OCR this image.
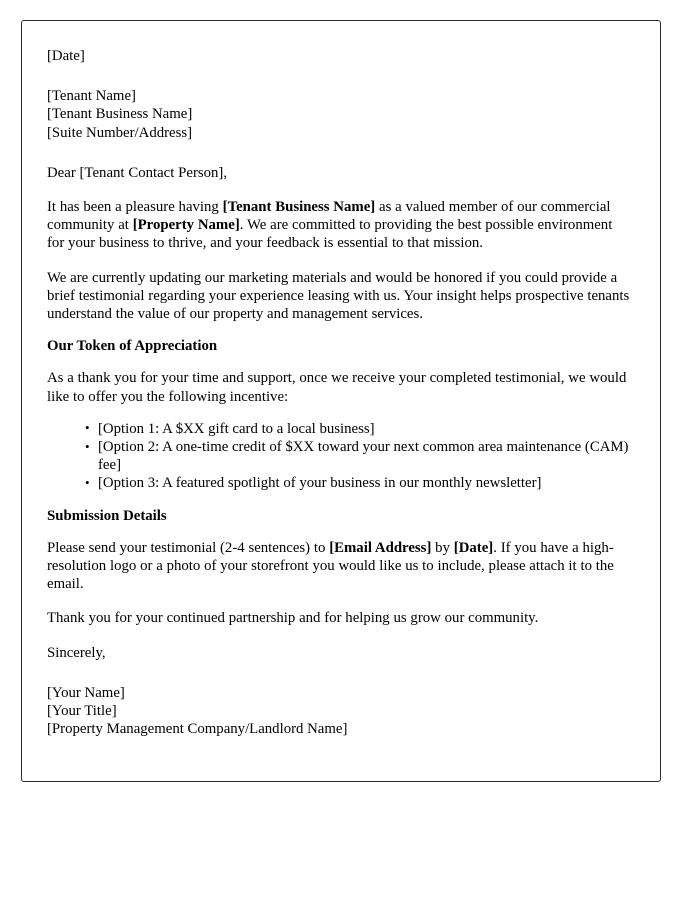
[Date]

[Tenant Name]
[Tenant Business Name]
[Suite Number/Address]

Dear [Tenant Contact Person],

It has been a pleasure having [Tenant Business Name] as a valued member of our commercial community at [Property Name]. We are committed to providing the best possible environment for your business to thrive, and your feedback is essential to that mission.

We are currently updating our marketing materials and would be honored if you could provide a brief testimonial regarding your experience leasing with us. Your insight helps prospective tenants understand the value of our property and management services.

Our Token of Appreciation

As a thank you for your time and support, once we receive your completed testimonial, we would like to offer you the following incentive:

• [Option 1: A $XX gift card to a local business]
• [Option 2: A one-time credit of $XX toward your next common area maintenance (CAM) fee]
• [Option 3: A featured spotlight of your business in our monthly newsletter]
Submission Details

Please send your testimonial (2-4 sentences) to [Email Address] by [Date]. If you have a high-resolution logo or a photo of your storefront you would like us to include, please attach it to the email.

Thank you for your continued partnership and for helping us grow our community.

Sincerely,

[Your Name]
[Your Title]
[Property Management Company/Landlord Name]
